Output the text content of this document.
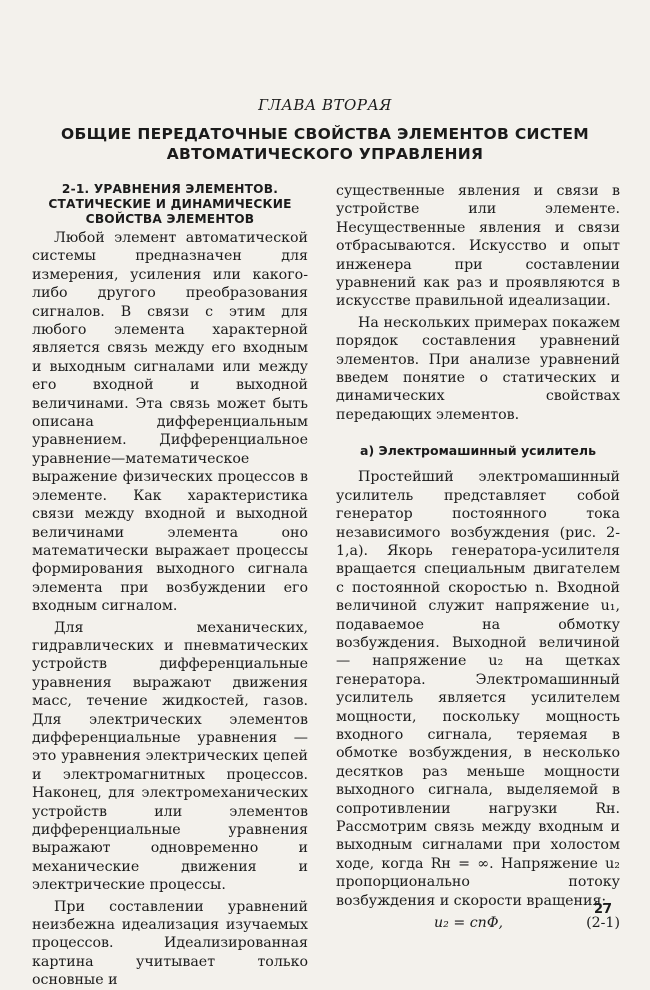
ГЛАВА ВТОРАЯ
ОБЩИЕ ПЕРЕДАТОЧНЫЕ СВОЙСТВА ЭЛЕМЕНТОВ СИСТЕМ АВТОМАТИЧЕСКОГО УПРАВЛЕНИЯ
2-1. УРАВНЕНИЯ ЭЛЕМЕНТОВ. СТАТИЧЕСКИЕ И ДИНАМИЧЕСКИЕ СВОЙСТВА ЭЛЕМЕНТОВ

Любой элемент автоматической системы предназначен для измерения, усиления или какого-либо другого преобразования сигналов. В связи с этим для любого элемента характерной является связь между его входным и выходным сигналами или между его входной и выходной величинами. Эта связь может быть описана дифференциальным уравнением. Дифференциальное уравнение—математическое выражение физических процессов в элементе. Как характеристика связи между входной и выходной величинами элемента оно математически выражает процессы формирования выходного сигнала элемента при возбуждении его входным сигналом.

Для механических, гидравлических и пневматических устройств дифференциальные уравнения выражают движения масс, течение жидкостей, газов. Для электрических элементов дифференциальные уравнения — это уравнения электрических цепей и электромагнитных процессов. Наконец, для электромеханических устройств или элементов дифференциальные уравнения выражают одновременно и механические движения и электрические процессы.

При составлении уравнений неизбежна идеализация изучаемых процессов. Идеализированная картина учитывает только основные и

существенные явления и связи в устройстве или элементе. Несущественные явления и связи отбрасываются. Искусство и опыт инженера при составлении уравнений как раз и проявляются в искусстве правильной идеализации.

На нескольких примерах покажем порядок составления уравнений элементов. При анализе уравнений введем понятие о статических и динамических свойствах передающих элементов.

а) Электромашинный усилитель

Простейший электромашинный усилитель представляет собой генератор постоянного тока независимого возбуждения (рис. 2-1,а). Якорь генератора-усилителя вращается специальным двигателем с постоянной скоростью n. Входной величиной служит напряжение u₁, подаваемое на обмотку возбуждения. Выходной величиной — напряжение u₂ на щетках генератора. Электромашинный усилитель является усилителем мощности, поскольку мощность входного сигнала, теряемая в обмотке возбуждения, в несколько десятков раз меньше мощности выходного сигнала, выделяемой в сопротивлении нагрузки Rн. Рассмотрим связь между входным и выходным сигналами при холостом ходе, когда Rн = ∞. Напряжение u₂ пропорционально потоку возбуждения и скорости вращения:

u₂ = cnΦ,	(2-1)
27
